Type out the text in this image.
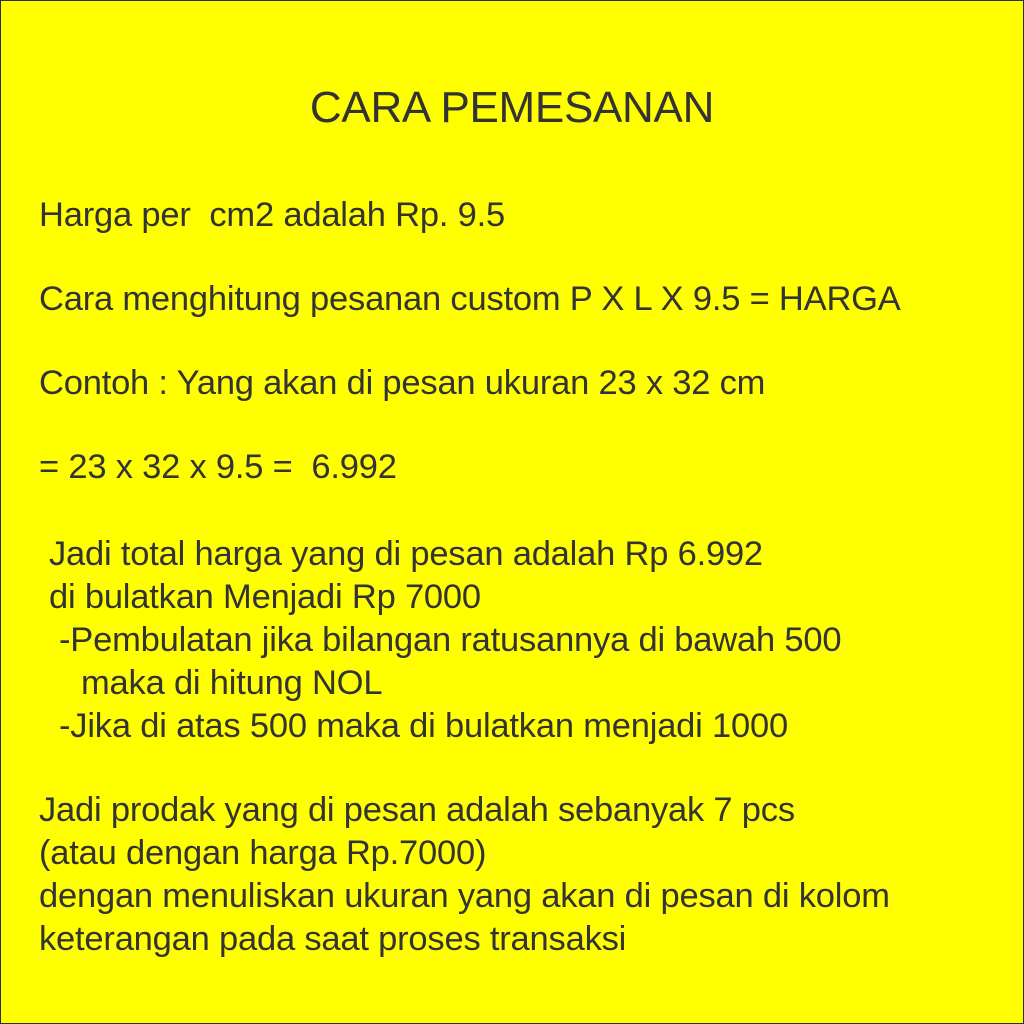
CARA PEMESANAN
Harga per  cm2 adalah Rp. 9.5
Cara menghitung pesanan custom P X L X 9.5 = HARGA
Contoh : Yang akan di pesan ukuran 23 x 32 cm
= 23 x 32 x 9.5 =  6.992
Jadi total harga yang di pesan adalah Rp 6.992
di bulatkan Menjadi Rp 7000
-Pembulatan jika bilangan ratusannya di bawah 500
maka di hitung NOL
-Jika di atas 500 maka di bulatkan menjadi 1000
Jadi prodak yang di pesan adalah sebanyak 7 pcs
(atau dengan harga Rp.7000)
dengan menuliskan ukuran yang akan di pesan di kolom
keterangan pada saat proses transaksi
